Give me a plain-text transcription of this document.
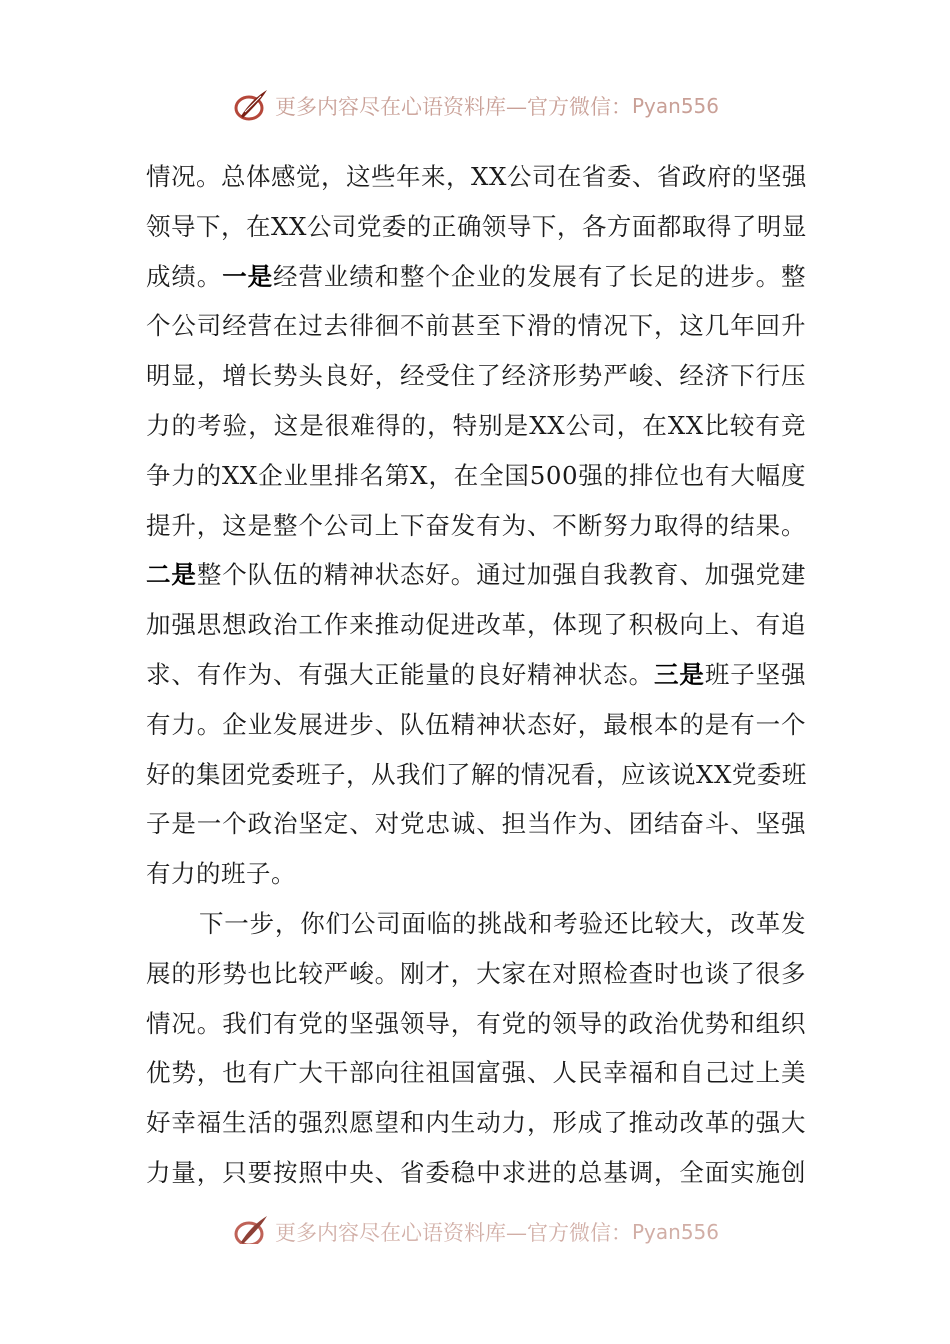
更多内容尽在心语资料库—官方微信： Pyan556
情况。总体感觉，这些年来，XX公司在省委、省政府的坚强
领导下，在XX公司党委的正确领导下，各方面都取得了明显
成绩。一是经营业绩和整个企业的发展有了长足的进步。整
个公司经营在过去徘徊不前甚至下滑的情况下，这几年回升
明显，增长势头良好，经受住了经济形势严峻、经济下行压
力的考验，这是很难得的，特别是XX公司，在XX比较有竞
争力的XX企业里排名第X，在全国500强的排位也有大幅度
提升，这是整个公司上下奋发有为、不断努力取得的结果。
二是整个队伍的精神状态好。通过加强自我教育、加强党建
加强思想政治工作来推动促进改革，体现了积极向上、有追
求、有作为、有强大正能量的良好精神状态。三是班子坚强
有力。企业发展进步、队伍精神状态好，最根本的是有一个
好的集团党委班子，从我们了解的情况看，应该说XX党委班
子是一个政治坚定、对党忠诚、担当作为、团结奋斗、坚强
有力的班子。
下一步，你们公司面临的挑战和考验还比较大，改革发
展的形势也比较严峻。刚才，大家在对照检查时也谈了很多
情况。我们有党的坚强领导，有党的领导的政治优势和组织
优势，也有广大干部向往祖国富强、人民幸福和自己过上美
好幸福生活的强烈愿望和内生动力，形成了推动改革的强大
力量，只要按照中央、省委稳中求进的总基调，全面实施创
更多内容尽在心语资料库—官方微信： Pyan556
